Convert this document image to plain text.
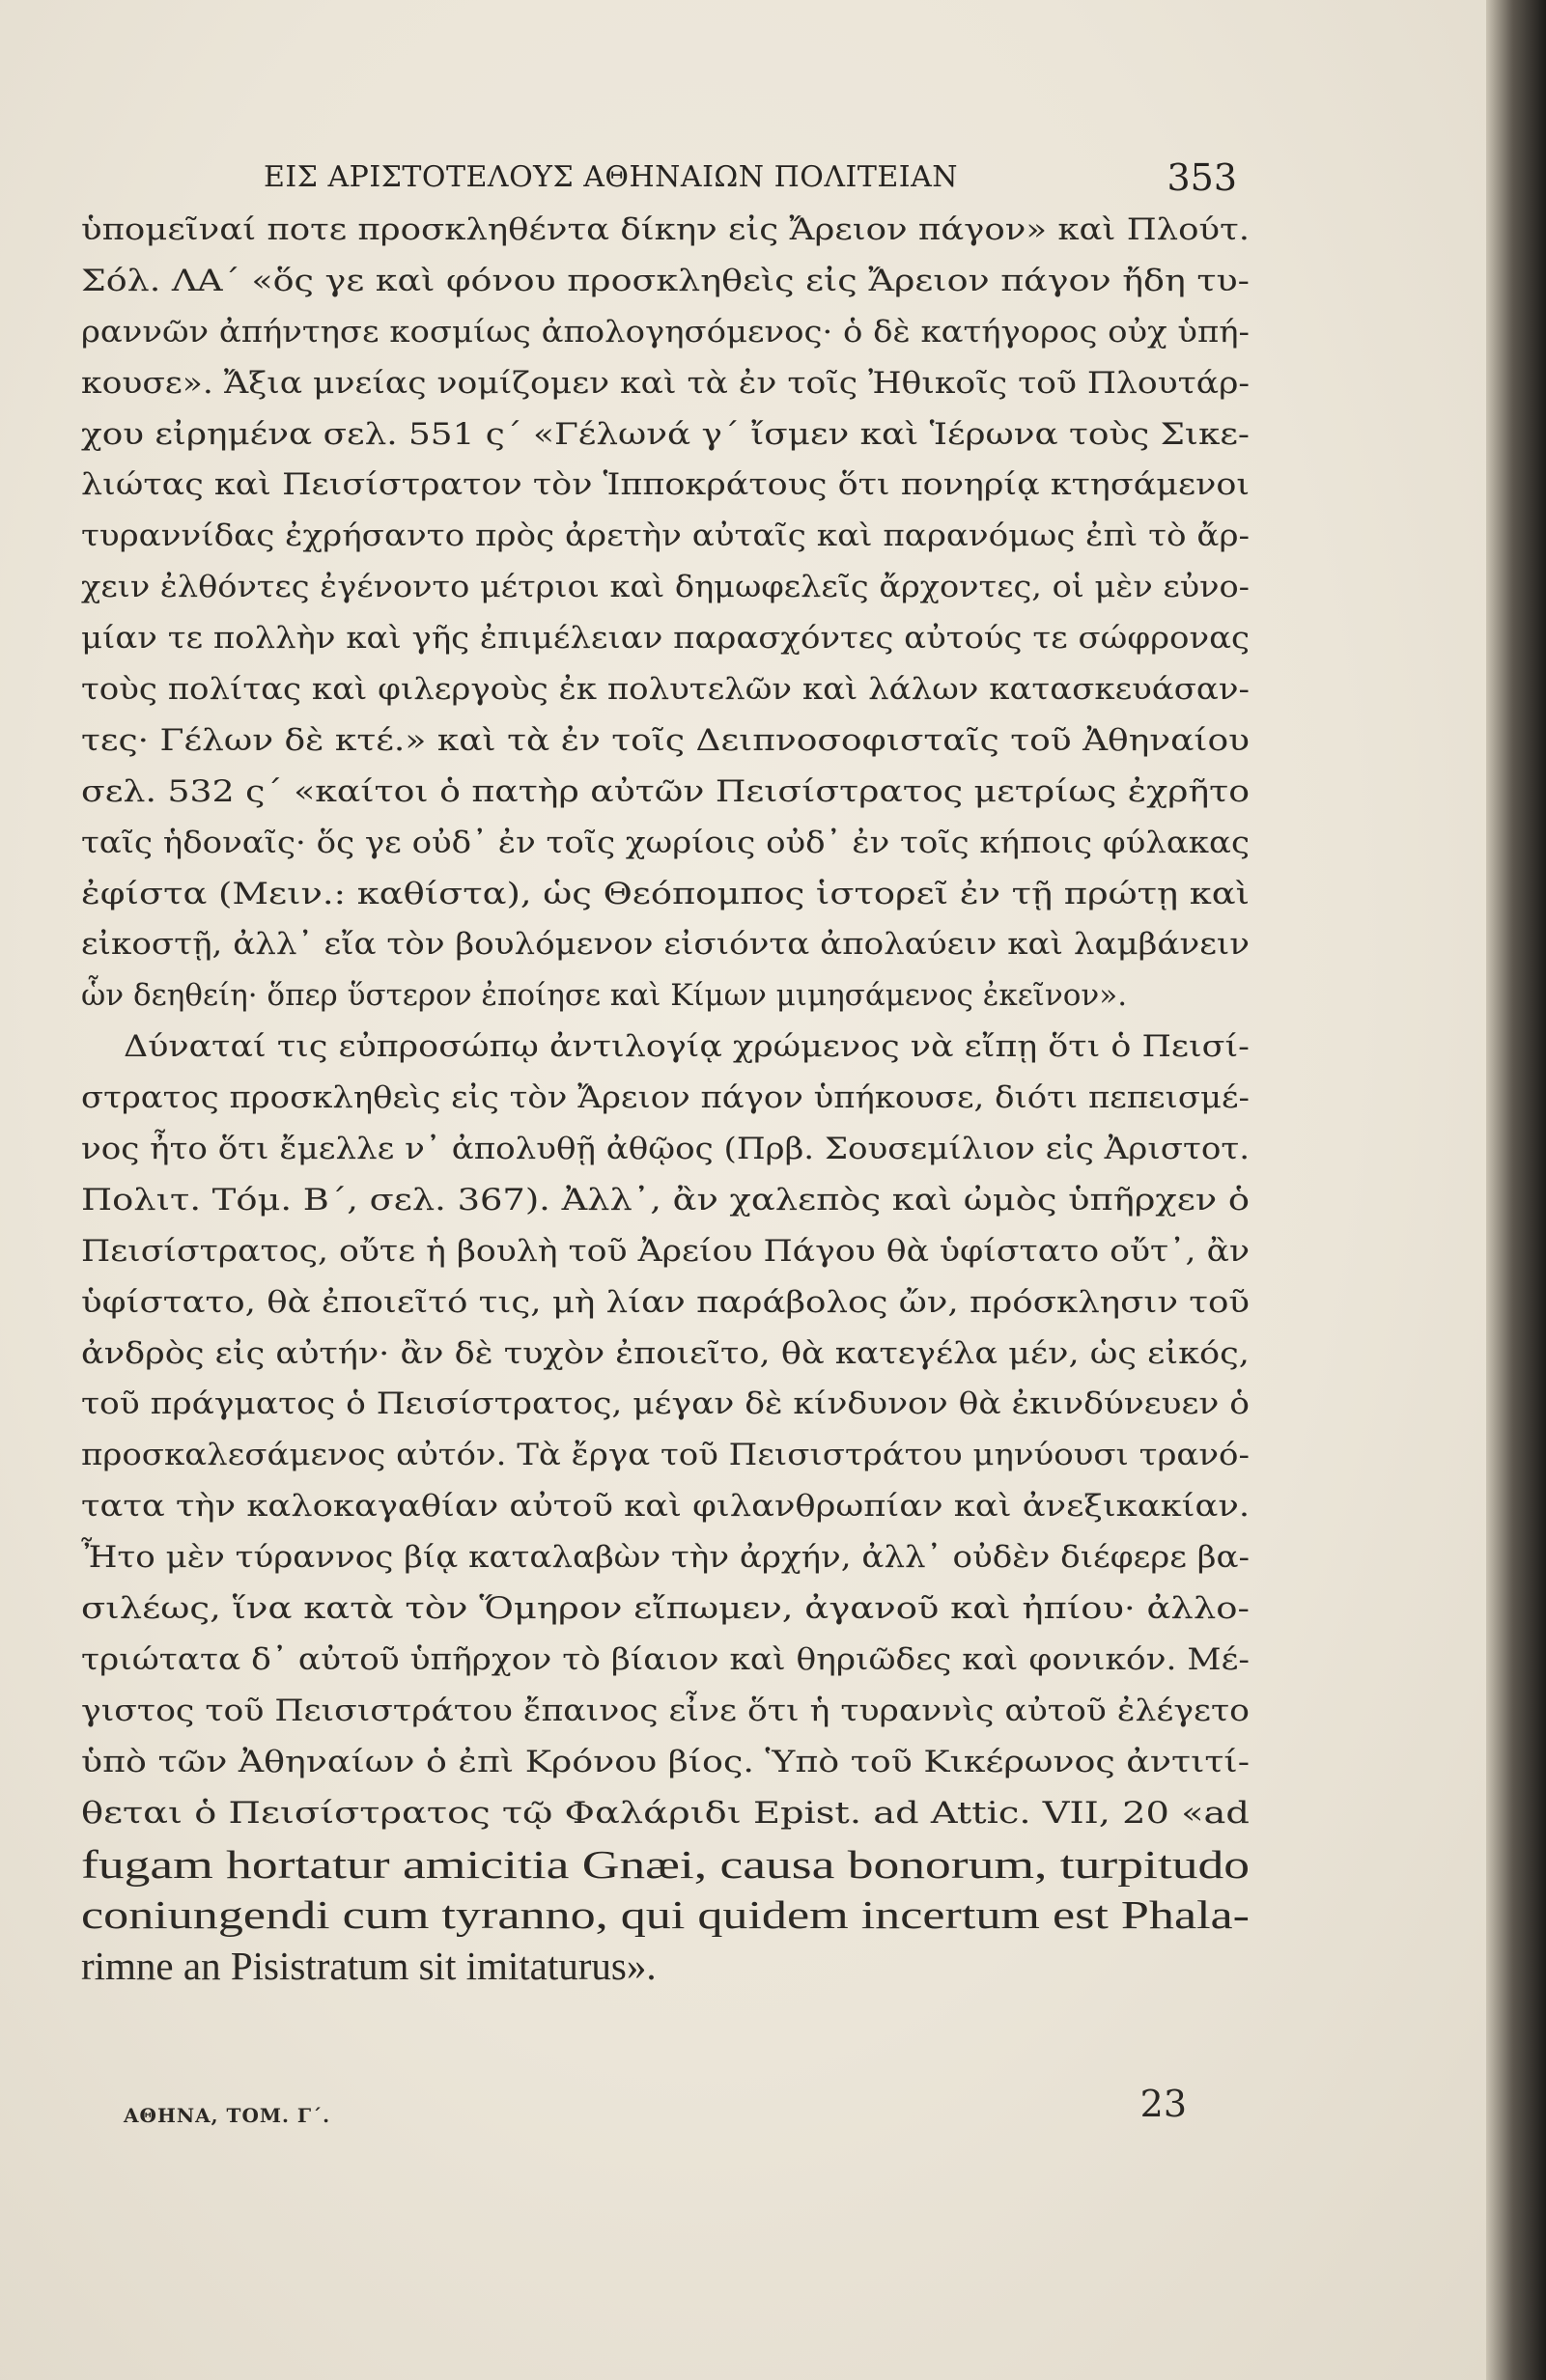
ΕΙΣ ΑΡΙΣΤΟΤΕΛΟΥΣ ΑΘΗΝΑΙΩΝ ΠΟΛΙΤΕΙΑΝ	353
ὑπομεῖναί ποτε προσκληθέντα δίκην εἰς Ἄρειον πάγον» καὶ Πλούτ.
Σόλ. ΛΑ΄ «ὅς γε καὶ φόνου προσκληθεὶς εἰς Ἄρειον πάγον ἤδη τυ-
ραννῶν ἀπήντησε κοσμίως ἀπολογησόμενος· ὁ δὲ κατήγορος οὐχ ὑπή-
κουσε». Ἄξια μνείας νομίζομεν καὶ τὰ ἐν τοῖς Ἠθικοῖς τοῦ Πλουτάρ-
χου εἰρημένα σελ. 551 ς΄ «Γέλωνά γ΄ ἴσμεν καὶ Ἱέρωνα τοὺς Σικε-
λιώτας καὶ Πεισίστρατον τὸν Ἱπποκράτους ὅτι πονηρίᾳ κτησάμενοι
τυραννίδας ἐχρήσαντο πρὸς ἀρετὴν αὐταῖς καὶ παρανόμως ἐπὶ τὸ ἄρ-
χειν ἐλθόντες ἐγένοντο μέτριοι καὶ δημωφελεῖς ἄρχοντες, οἱ μὲν εὐνο-
μίαν τε πολλὴν καὶ γῆς ἐπιμέλειαν παρασχόντες αὐτούς τε σώφρονας
τοὺς πολίτας καὶ φιλεργοὺς ἐκ πολυτελῶν καὶ λάλων κατασκευάσαν-
τες· Γέλων δὲ κτέ.» καὶ τὰ ἐν τοῖς Δειπνοσοφισταῖς τοῦ Ἀθηναίου
σελ. 532 ς΄ «καίτοι ὁ πατὴρ αὐτῶν Πεισίστρατος μετρίως ἐχρῆτο
ταῖς ἡδοναῖς· ὅς γε οὐδ᾽ ἐν τοῖς χωρίοις οὐδ᾽ ἐν τοῖς κήποις φύλακας
ἐφίστα (Μειν.: καθίστα), ὡς Θεόπομπος ἱστορεῖ ἐν τῇ πρώτῃ καὶ
εἰκοστῇ, ἀλλ᾽ εἴα τὸν βουλόμενον εἰσιόντα ἀπολαύειν καὶ λαμβάνειν
ὧν δεηθείη· ὅπερ ὕστερον ἐποίησε καὶ Κίμων μιμησάμενος ἐκεῖνον».
Δύναταί τις εὐπροσώπῳ ἀντιλογίᾳ χρώμενος νὰ εἴπῃ ὅτι ὁ Πεισί-
στρατος προσκληθεὶς εἰς τὸν Ἄρειον πάγον ὑπήκουσε, διότι πεπεισμέ-
νος ἦτο ὅτι ἔμελλε ν᾽ ἀπολυθῇ ἀθῷος (Πρβ. Σουσεμίλιον εἰς Ἀριστοτ.
Πολιτ. Τόμ. Β΄, σελ. 367). Ἀλλ᾽, ἂν χαλεπὸς καὶ ὠμὸς ὑπῆρχεν ὁ
Πεισίστρατος, οὔτε ἡ βουλὴ τοῦ Ἀρείου Πάγου θὰ ὑφίστατο οὔτ᾽, ἂν
ὑφίστατο, θὰ ἐποιεῖτό τις, μὴ λίαν παράβολος ὤν, πρόσκλησιν τοῦ
ἀνδρὸς εἰς αὐτήν· ἂν δὲ τυχὸν ἐποιεῖτο, θὰ κατεγέλα μέν, ὡς εἰκός,
τοῦ πράγματος ὁ Πεισίστρατος, μέγαν δὲ κίνδυνον θὰ ἐκινδύνευεν ὁ
προσκαλεσάμενος αὐτόν. Τὰ ἔργα τοῦ Πεισιστράτου μηνύουσι τρανό-
τατα τὴν καλοκαγαθίαν αὐτοῦ καὶ φιλανθρωπίαν καὶ ἀνεξικακίαν.
Ἦτο μὲν τύραννος βίᾳ καταλαβὼν τὴν ἀρχήν, ἀλλ᾽ οὐδὲν διέφερε βα-
σιλέως, ἵνα κατὰ τὸν Ὅμηρον εἴπωμεν, ἀγανοῦ καὶ ἠπίου· ἀλλο-
τριώτατα δ᾽ αὐτοῦ ὑπῆρχον τὸ βίαιον καὶ θηριῶδες καὶ φονικόν. Μέ-
γιστος τοῦ Πεισιστράτου ἔπαινος εἶνε ὅτι ἡ τυραννὶς αὐτοῦ ἐλέγετο
ὑπὸ τῶν Ἀθηναίων ὁ ἐπὶ Κρόνου βίος. Ὑπὸ τοῦ Κικέρωνος ἀντιτί-
θεται ὁ Πεισίστρατος τῷ Φαλάριδι Epist. ad Attic. VII, 20 «ad
fugam hortatur amicitia Gnæi, causa bonorum, turpitudo
coniungendi cum tyranno, qui quidem incertum est Phala-
rimne an Pisistratum sit imitaturus».
ΑΘΗΝΑ, ΤΟΜ. Γ΄.	23
